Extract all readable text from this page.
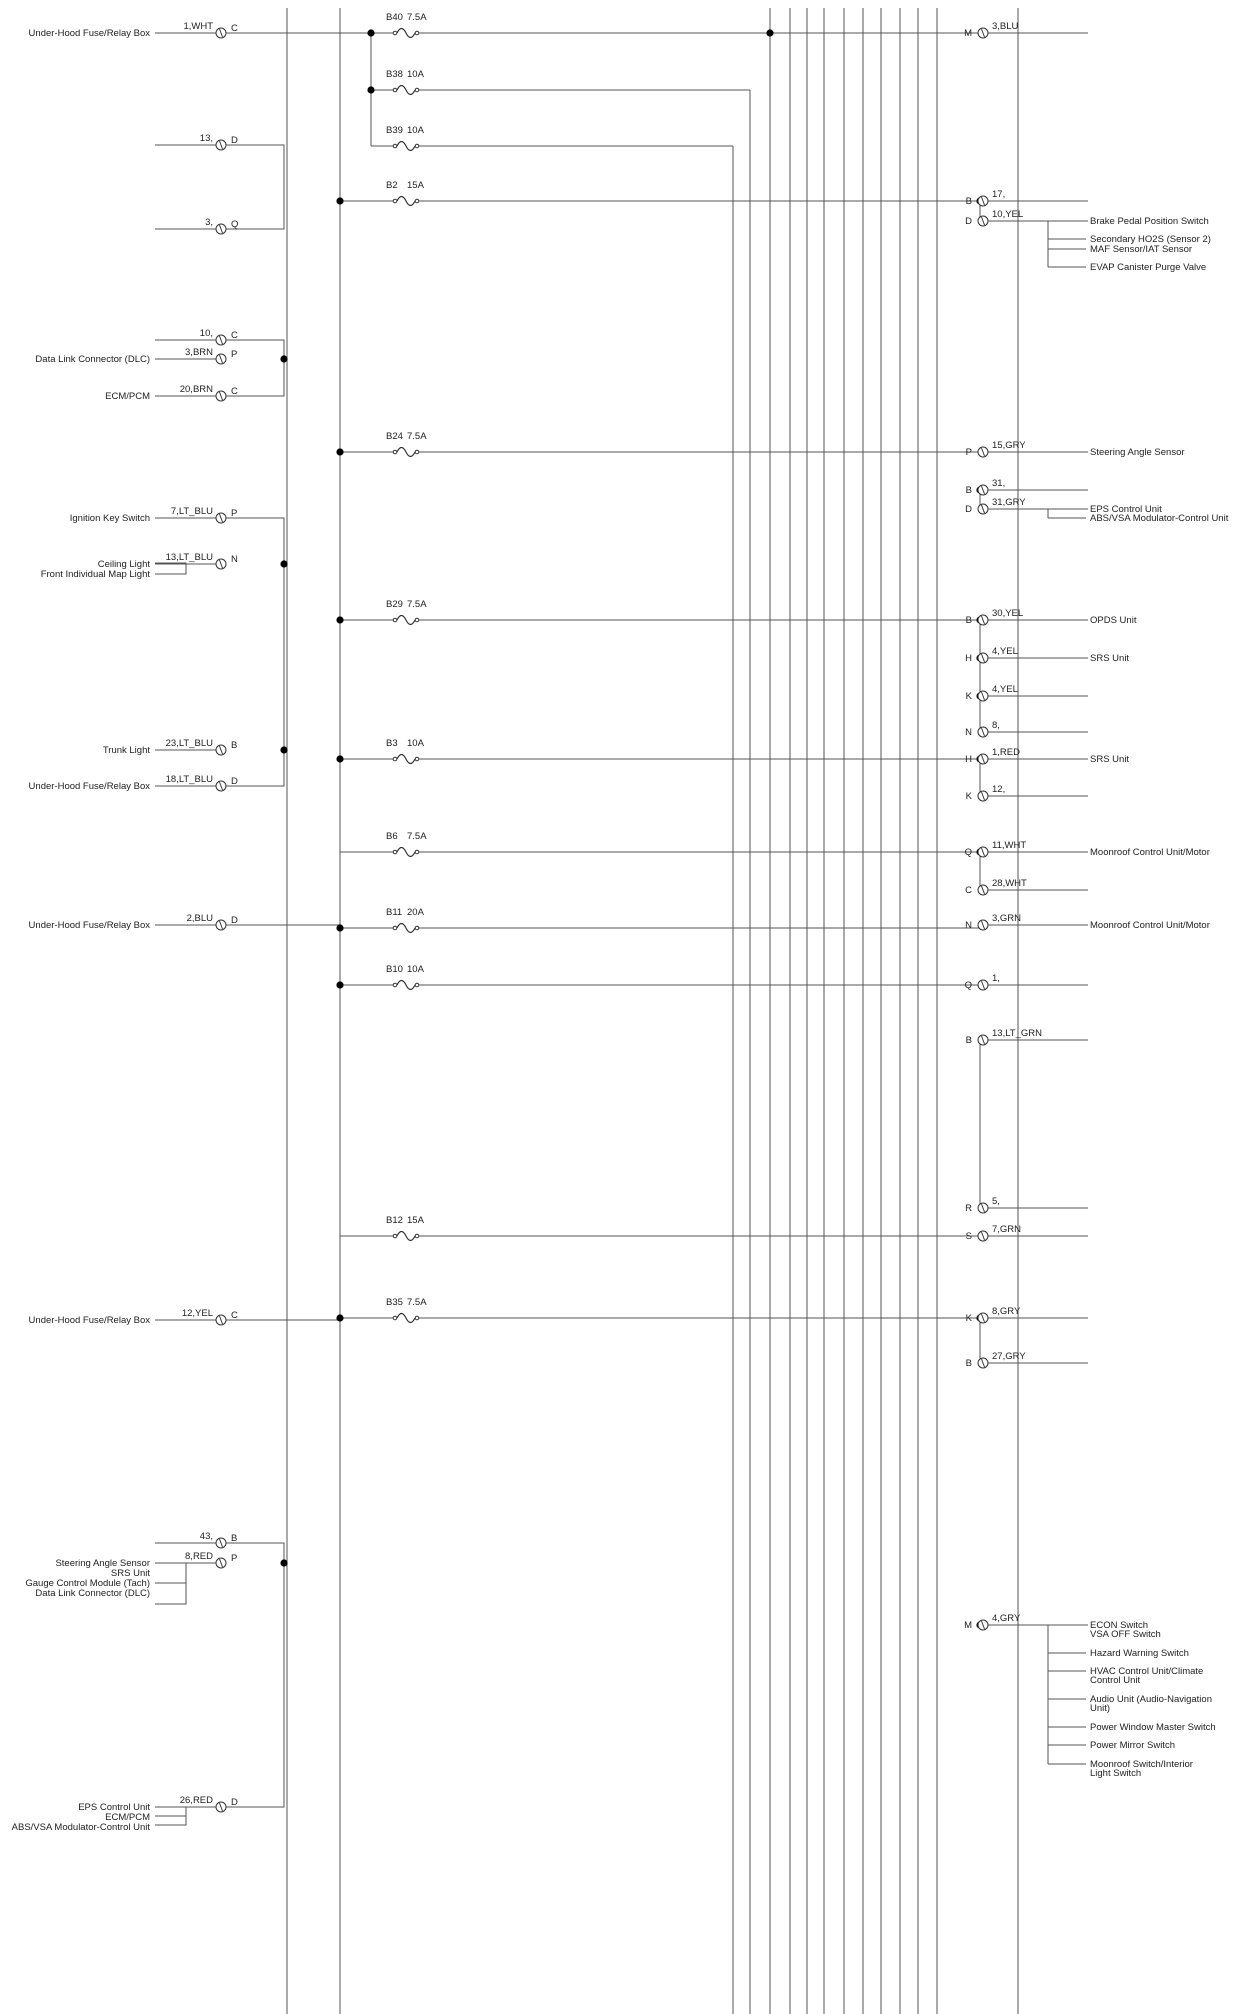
1,WHT C
Under-Hood Fuse/Relay Box
13, D
3, Q
10, C
3,BRN P
Data Link Connector (DLC)
20,BRN C
ECM/PCM
7,LT_BLU P
Ignition Key Switch
13,LT_BLU N
Ceiling Light
Front Individual Map Light
23,LT_BLU B
Trunk Light
18,LT_BLU D
Under-Hood Fuse/Relay Box
2,BLU D
Under-Hood Fuse/Relay Box
12,YEL C
Under-Hood Fuse/Relay Box
43, B
8,RED P
Steering Angle Sensor
SRS Unit
Gauge Control Module (Tach)
Data Link Connector (DLC)
26,RED D
EPS Control Unit
ECM/PCM
ABS/VSA Modulator-Control Unit
B40 7.5A
B38 10A
B39 10A
B2 15A
B24 7.5A
B29 7.5A
B3 10A
B6 7.5A
B11 20A
B10 10A
B12 15A
B35 7.5A
M
3,BLU
B
17,
D
10,YEL
P
15,GRY
B
31,
D
31,GRY
B
30,YEL
H
4,YEL
K
4,YEL
N
8,
H
1,RED
K
12,
Q
11,WHT
C
28,WHT
N
3,GRN
Q
1,
B
13,LT_GRN
R
5,
S
7,GRN
K
8,GRY
B
27,GRY
M
4,GRY
Brake Pedal Position Switch
Secondary HO2S (Sensor 2)
MAF Sensor/IAT Sensor
EVAP Canister Purge Valve
Steering Angle Sensor
EPS Control Unit
ABS/VSA Modulator-Control Unit
OPDS Unit
SRS Unit
SRS Unit
Moonroof Control Unit/Motor
Moonroof Control Unit/Motor
ECON Switch
VSA OFF Switch
Hazard Warning Switch
HVAC Control Unit/Climate
Control Unit
Audio Unit (Audio-Navigation
Unit)
Power Window Master Switch
Power Mirror Switch
Moonroof Switch/Interior
Light Switch
